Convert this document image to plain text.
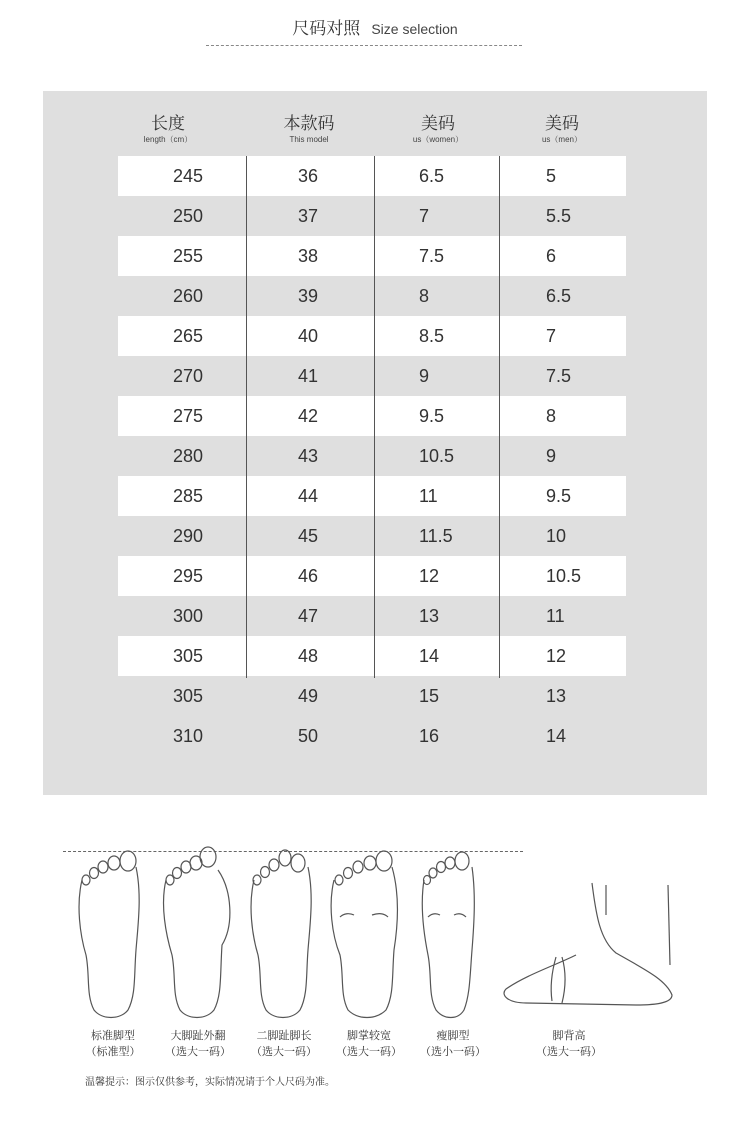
尺码对照 Size selection
长度
length（cm）
本款码
This model
美码
us（women）
美码
us（men）
245	36	6.5	5
250	37	7	5.5
255	38	7.5	6
260	39	8	6.5
265	40	8.5	7
270	41	9	7.5
275	42	9.5	8
280	43	10.5	9
285	44	11	9.5
290	45	11.5	10
295	46	12	10.5
300	47	13	11
305	48	14	12
305	49	15	13
310	50	16	14
标准脚型
（标准型）
大脚趾外翻
（选大一码）
二脚趾脚长
（选大一码）
脚掌较宽
（选大一码）
瘦脚型
（选小一码）
脚背高
（选大一码）
温馨提示：图示仅供参考，实际情况请于个人尺码为准。
